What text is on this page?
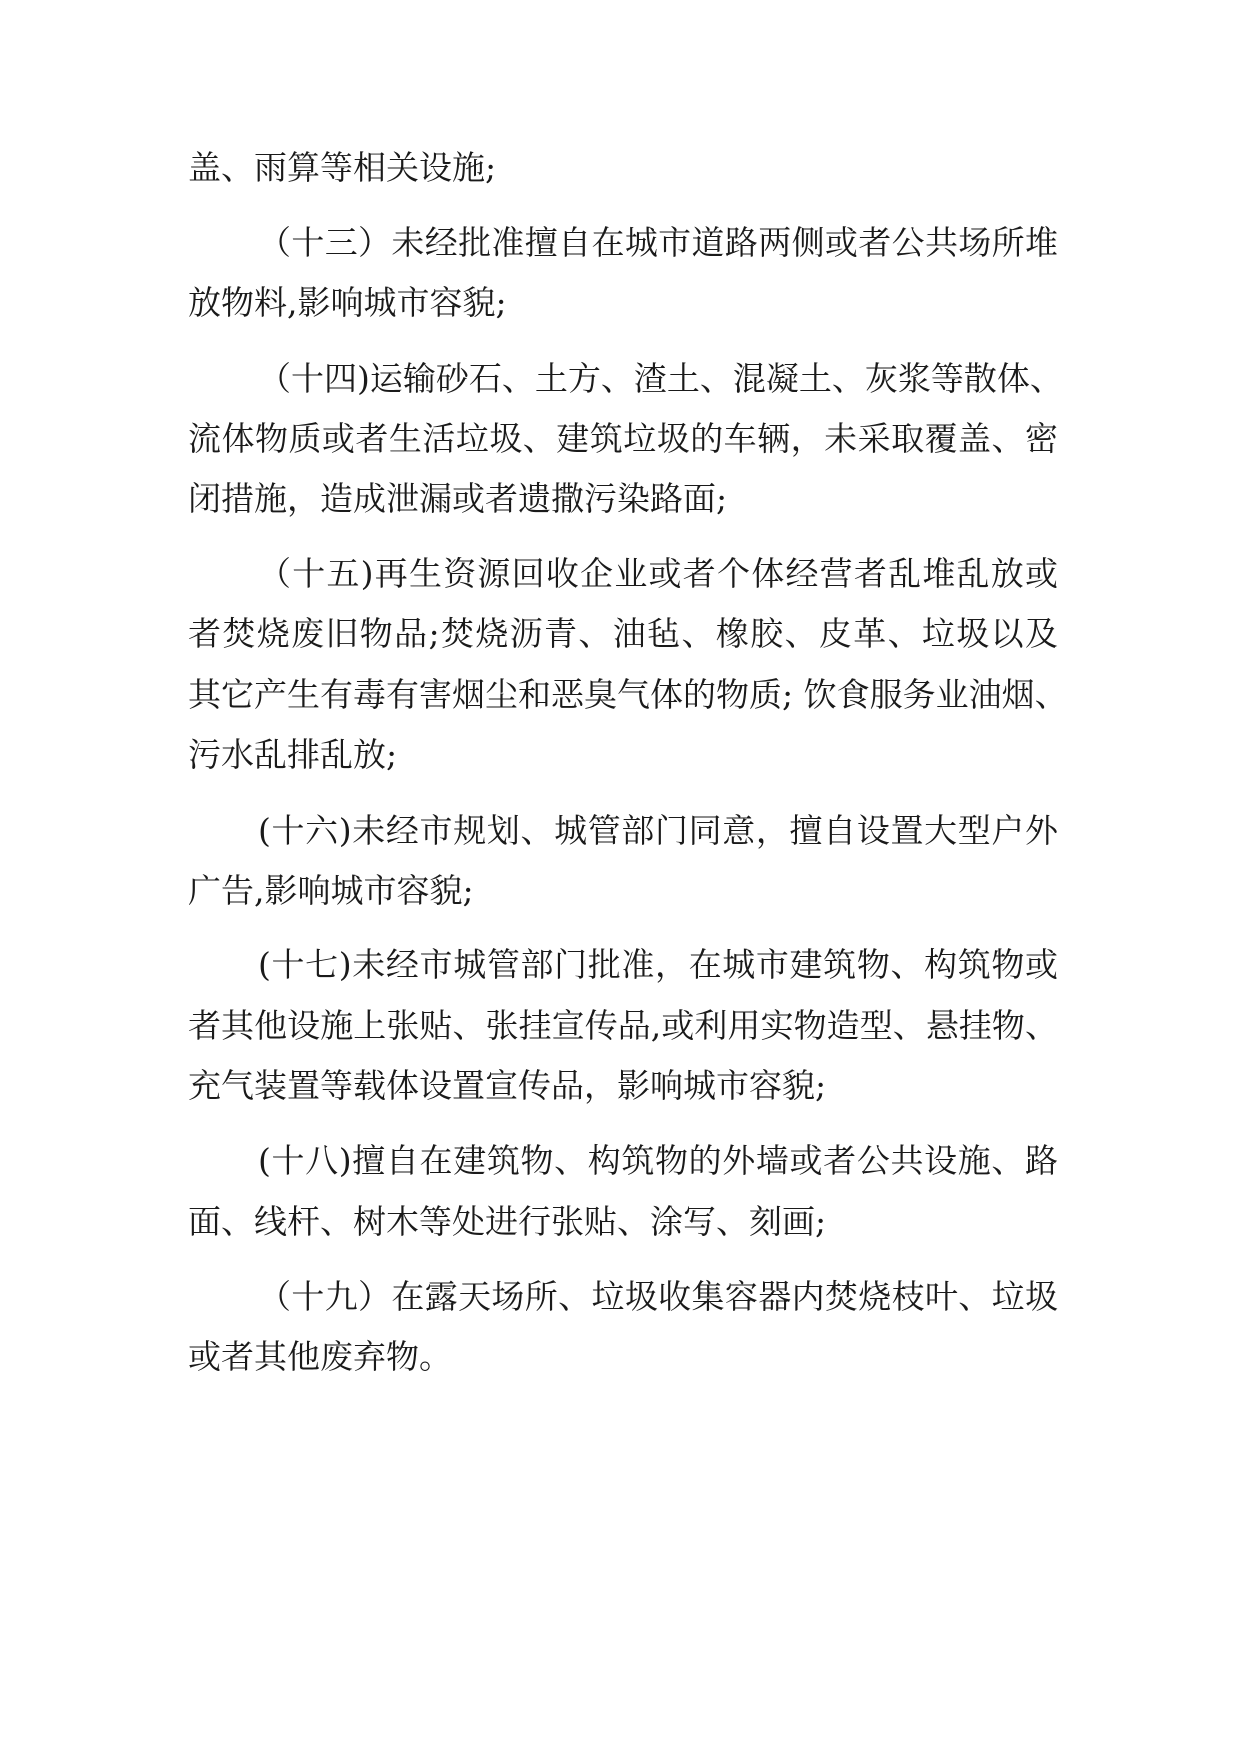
盖、雨算等相关设施;

（十三）未经批准擅自在城市道路两侧或者公共场所堆

放物料,影响城市容貌;

（十四)运输砂石、土方、渣土、混凝土、灰浆等散体、

流体物质或者生活垃圾、建筑垃圾的车辆，未采取覆盖、密

闭措施，造成泄漏或者遗撒污染路面;

（十五)再生资源回收企业或者个体经营者乱堆乱放或

者焚烧废旧物品;焚烧沥青、油毡、橡胶、皮革、垃圾以及

其它产生有毒有害烟尘和恶臭气体的物质; 饮食服务业油烟、

污水乱排乱放;

(十六)未经市规划、城管部门同意，擅自设置大型户外

广告,影响城市容貌;

(十七)未经市城管部门批准，在城市建筑物、构筑物或

者其他设施上张贴、张挂宣传品,或利用实物造型、悬挂物、

充气装置等载体设置宣传品，影响城市容貌;

(十八)擅自在建筑物、构筑物的外墙或者公共设施、路

面、线杆、树木等处进行张贴、涂写、刻画;

（十九）在露天场所、垃圾收集容器内焚烧枝叶、垃圾

或者其他废弃物。
